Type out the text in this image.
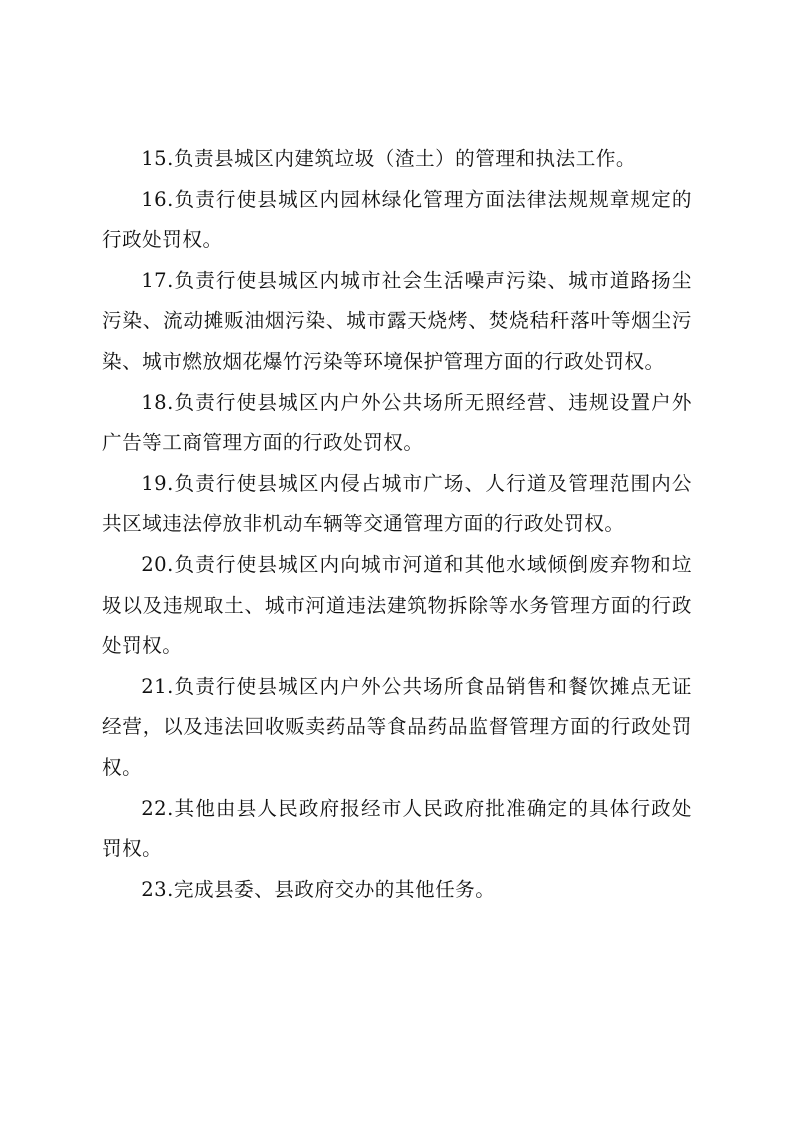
15.负责县城区内建筑垃圾（渣土）的管理和执法工作。

16.负责行使县城区内园林绿化管理方面法律法规规章规定的行政处罚权。

17.负责行使县城区内城市社会生活噪声污染、城市道路扬尘污染、流动摊贩油烟污染、城市露天烧烤、焚烧秸秆落叶等烟尘污染、城市燃放烟花爆竹污染等环境保护管理方面的行政处罚权。

18.负责行使县城区内户外公共场所无照经营、违规设置户外广告等工商管理方面的行政处罚权。

19.负责行使县城区内侵占城市广场、人行道及管理范围内公共区域违法停放非机动车辆等交通管理方面的行政处罚权。

20.负责行使县城区内向城市河道和其他水域倾倒废弃物和垃圾以及违规取土、城市河道违法建筑物拆除等水务管理方面的行政处罚权。

21.负责行使县城区内户外公共场所食品销售和餐饮摊点无证经营，以及违法回收贩卖药品等食品药品监督管理方面的行政处罚权。

22.其他由县人民政府报经市人民政府批准确定的具体行政处罚权。

23.完成县委、县政府交办的其他任务。
